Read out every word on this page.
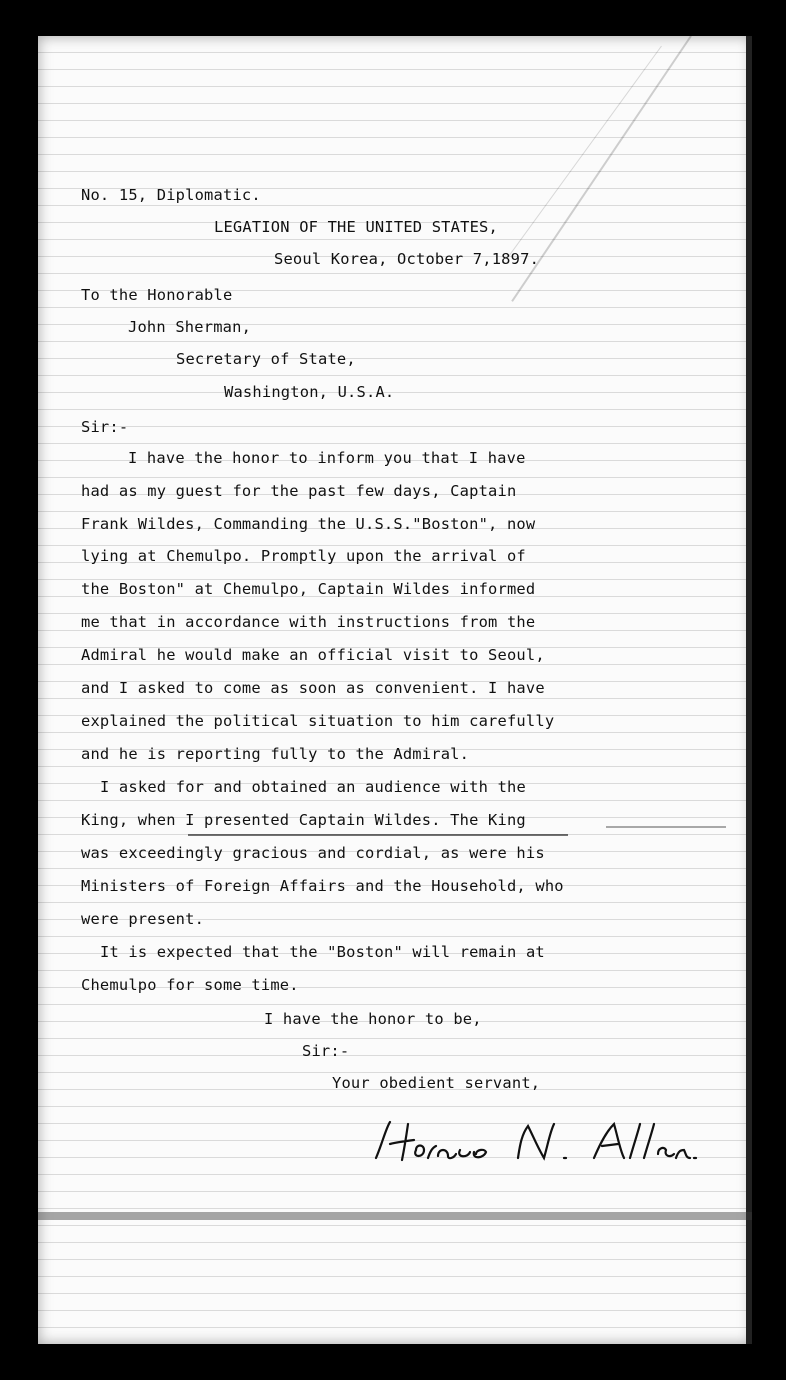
No. 15, Diplomatic.
LEGATION OF THE UNITED STATES,
Seoul Korea, October 7,1897.
To the Honorable
John Sherman,
Secretary of State,
Washington, U.S.A.
Sir:-
I have the honor to inform you that I have
had as my guest for the past few days, Captain
Frank Wildes, Commanding the U.S.S."Boston", now
lying at Chemulpo. Promptly upon the arrival of
the Boston" at Chemulpo, Captain Wildes informed
me that in accordance with instructions from the
Admiral he would make an official visit to Seoul,
and I asked to come as soon as convenient. I have
explained the political situation to him carefully
and he is reporting fully to the Admiral.
I asked for and obtained an audience with the
King, when I presented Captain Wildes. The King
was exceedingly gracious and cordial, as were his
Ministers of Foreign Affairs and the Household, who
were present.
It is expected that the "Boston" will remain at
Chemulpo for some time.
I have the honor to be,
Sir:-
Your obedient servant,
